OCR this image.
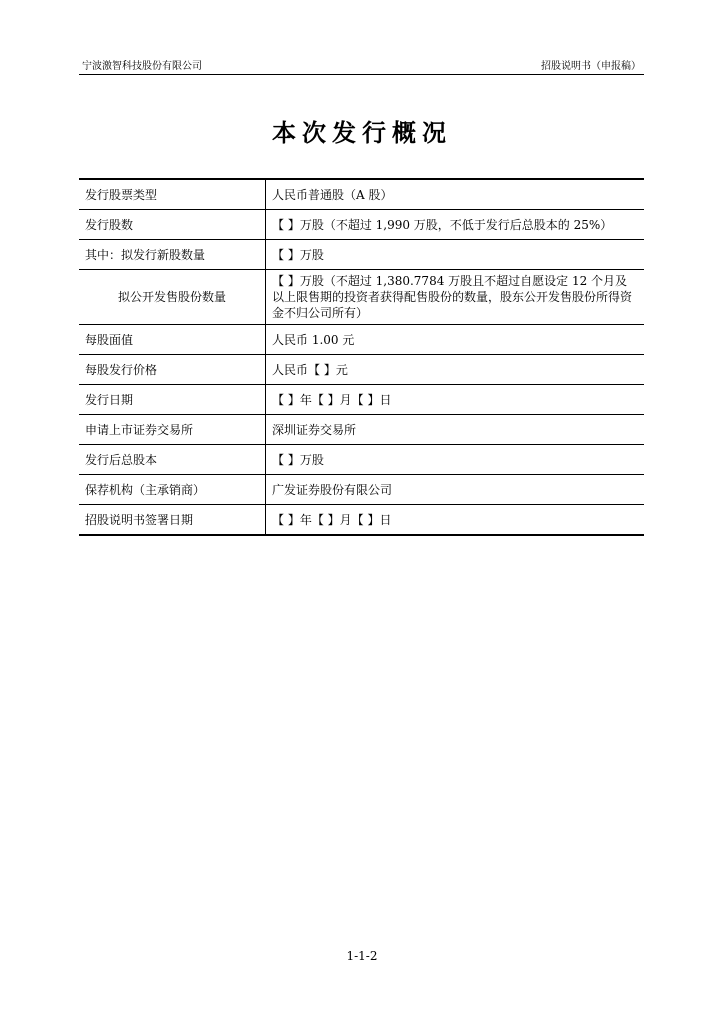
宁波激智科技股份有限公司	招股说明书（申报稿）
本次发行概况
发行股票类型	人民币普通股（A 股）
发行股数	【 】万股（不超过 1,990 万股，不低于发行后总股本的 25%）
其中：拟发行新股数量	【 】万股
拟公开发售股份数量	【 】万股（不超过 1,380.7784 万股且不超过自愿设定 12 个月及以上限售期的投资者获得配售股份的数量，股东公开发售股份所得资金不归公司所有）
每股面值	人民币 1.00 元
每股发行价格	人民币【 】元
发行日期	【 】年【 】月【 】日
申请上市证券交易所	深圳证券交易所
发行后总股本	【 】万股
保荐机构（主承销商）	广发证券股份有限公司
招股说明书签署日期	【 】年【 】月【 】日
1-1-2
